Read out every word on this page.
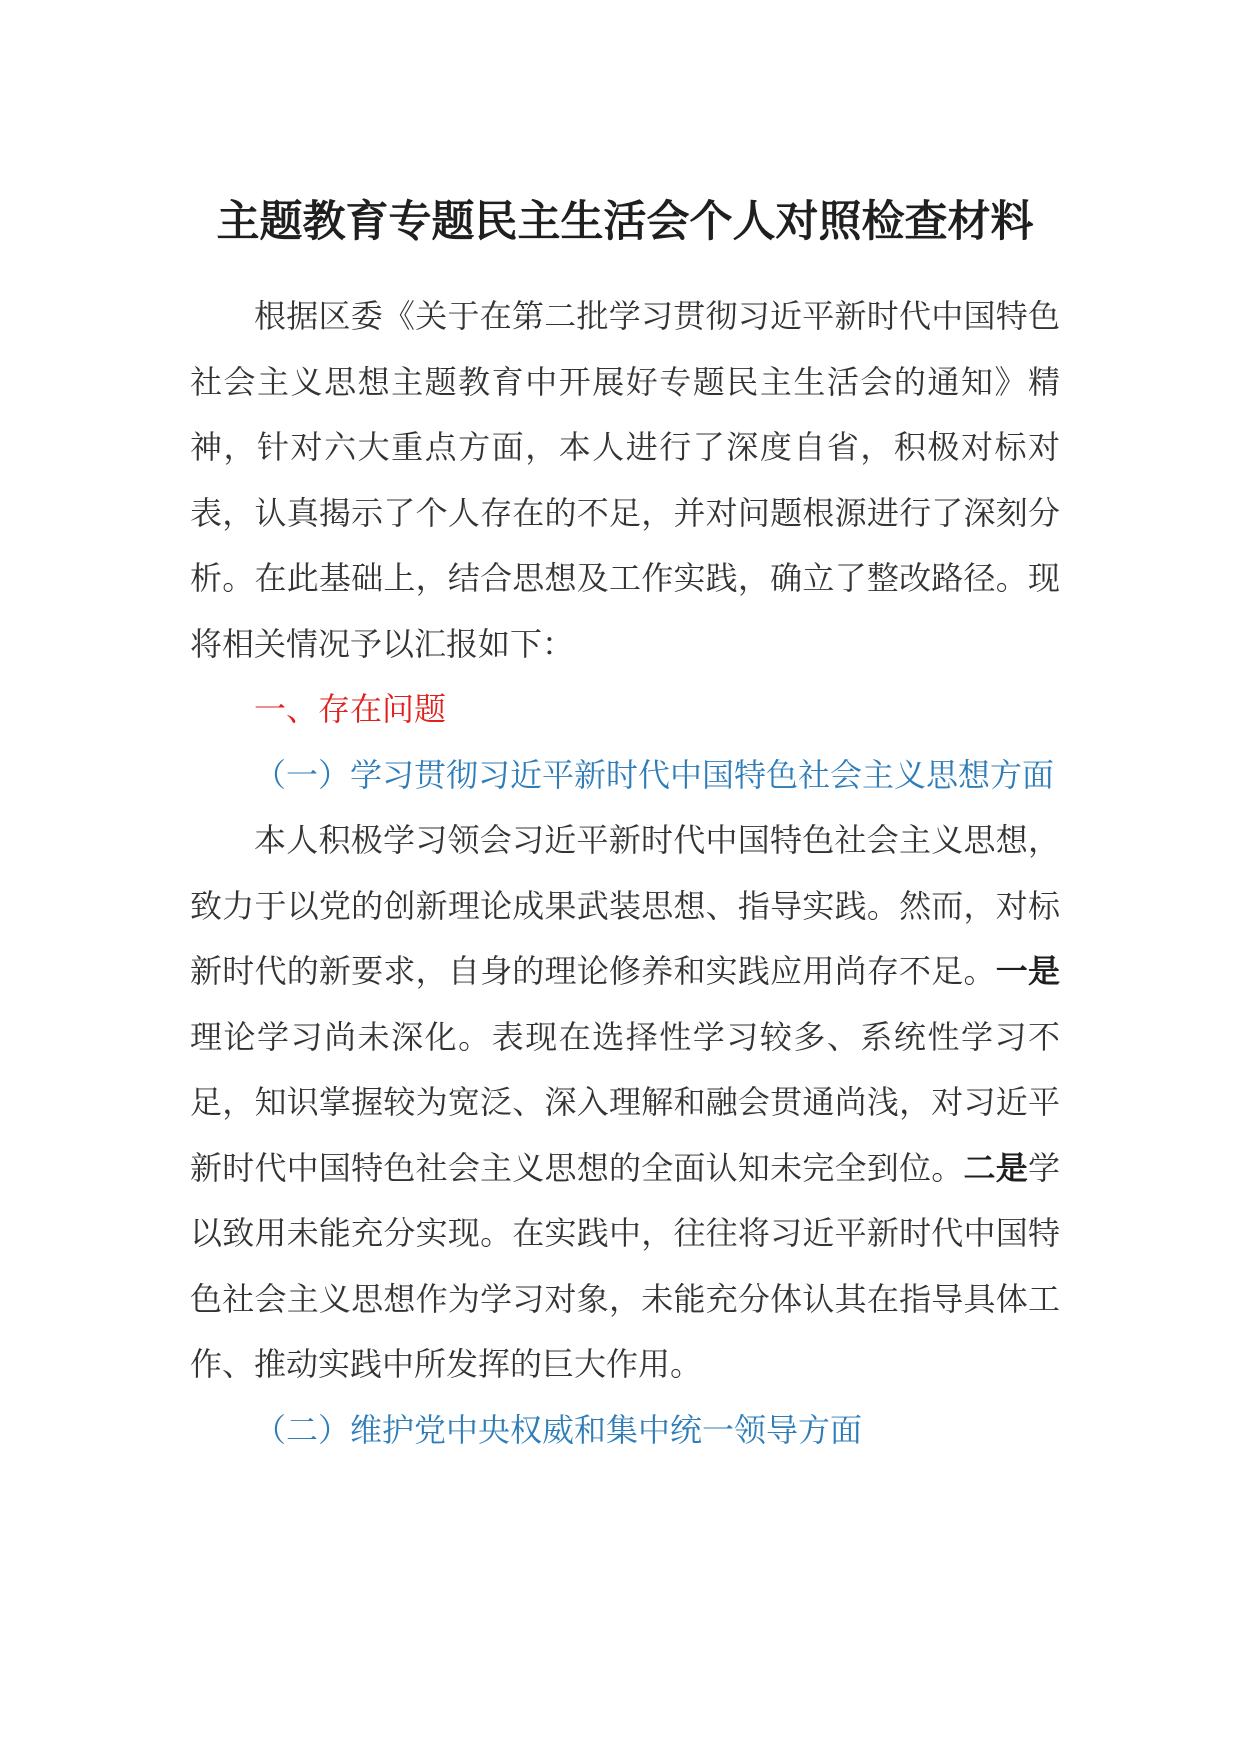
主题教育专题民主生活会个人对照检查材料

根据区委《关于在第二批学习贯彻习近平新时代中国特色社会主义思想主题教育中开展好专题民主生活会的通知》精神，针对六大重点方面，本人进行了深度自省，积极对标对表，认真揭示了个人存在的不足，并对问题根源进行了深刻分析。在此基础上，结合思想及工作实践，确立了整改路径。现将相关情况予以汇报如下：

一、存在问题

（一）学习贯彻习近平新时代中国特色社会主义思想方面

本人积极学习领会习近平新时代中国特色社会主义思想，致力于以党的创新理论成果武装思想、指导实践。然而，对标新时代的新要求，自身的理论修养和实践应用尚存不足。一是理论学习尚未深化。表现在选择性学习较多、系统性学习不足，知识掌握较为宽泛、深入理解和融会贯通尚浅，对习近平新时代中国特色社会主义思想的全面认知未完全到位。二是学以致用未能充分实现。在实践中，往往将习近平新时代中国特色社会主义思想作为学习对象，未能充分体认其在指导具体工作、推动实践中所发挥的巨大作用。

（二）维护党中央权威和集中统一领导方面
